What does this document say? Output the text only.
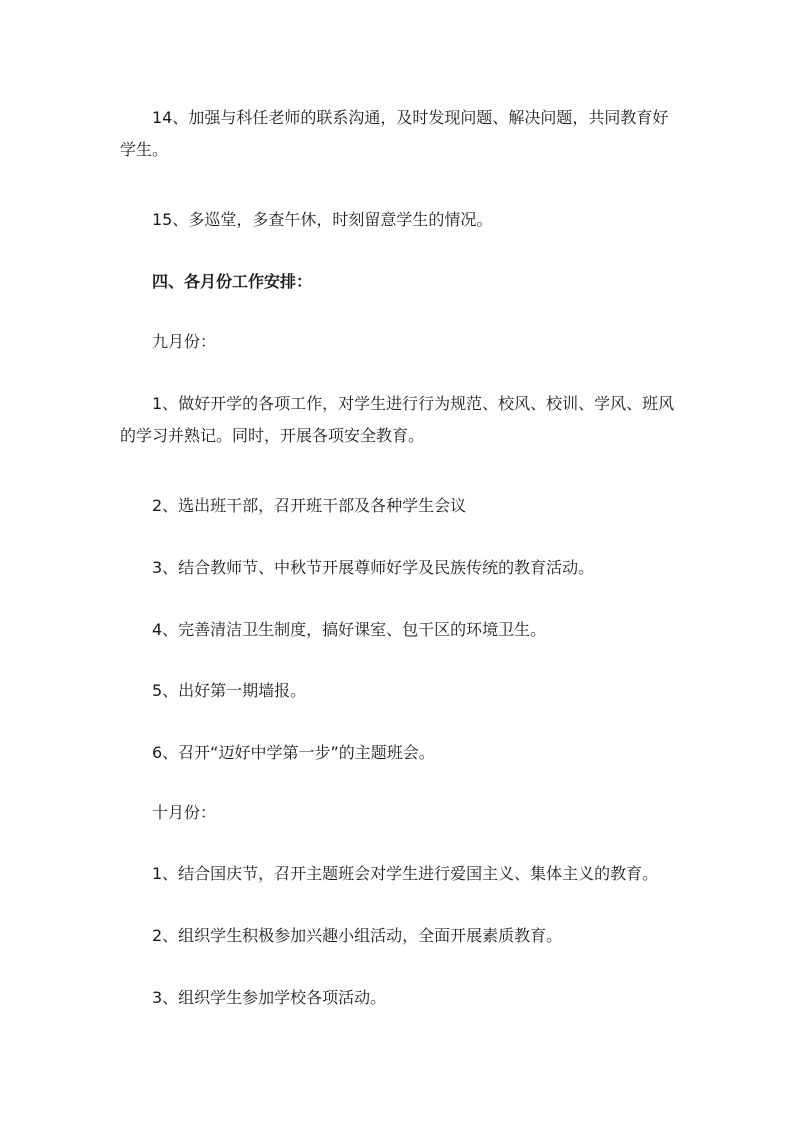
14、加强与科任老师的联系沟通，及时发现问题、解决问题，共同教育好学生。

15、多巡堂，多查午休，时刻留意学生的情况。

四、各月份工作安排：

九月份：

1、做好开学的各项工作，对学生进行行为规范、校风、校训、学风、班风的学习并熟记。同时，开展各项安全教育。

2、选出班干部，召开班干部及各种学生会议

3、结合教师节、中秋节开展尊师好学及民族传统的教育活动。

4、完善清洁卫生制度，搞好课室、包干区的环境卫生。

5、出好第一期墙报。

6、召开“迈好中学第一步”的主题班会。

十月份：

1、结合国庆节，召开主题班会对学生进行爱国主义、集体主义的教育。

2、组织学生积极参加兴趣小组活动，全面开展素质教育。

3、组织学生参加学校各项活动。
